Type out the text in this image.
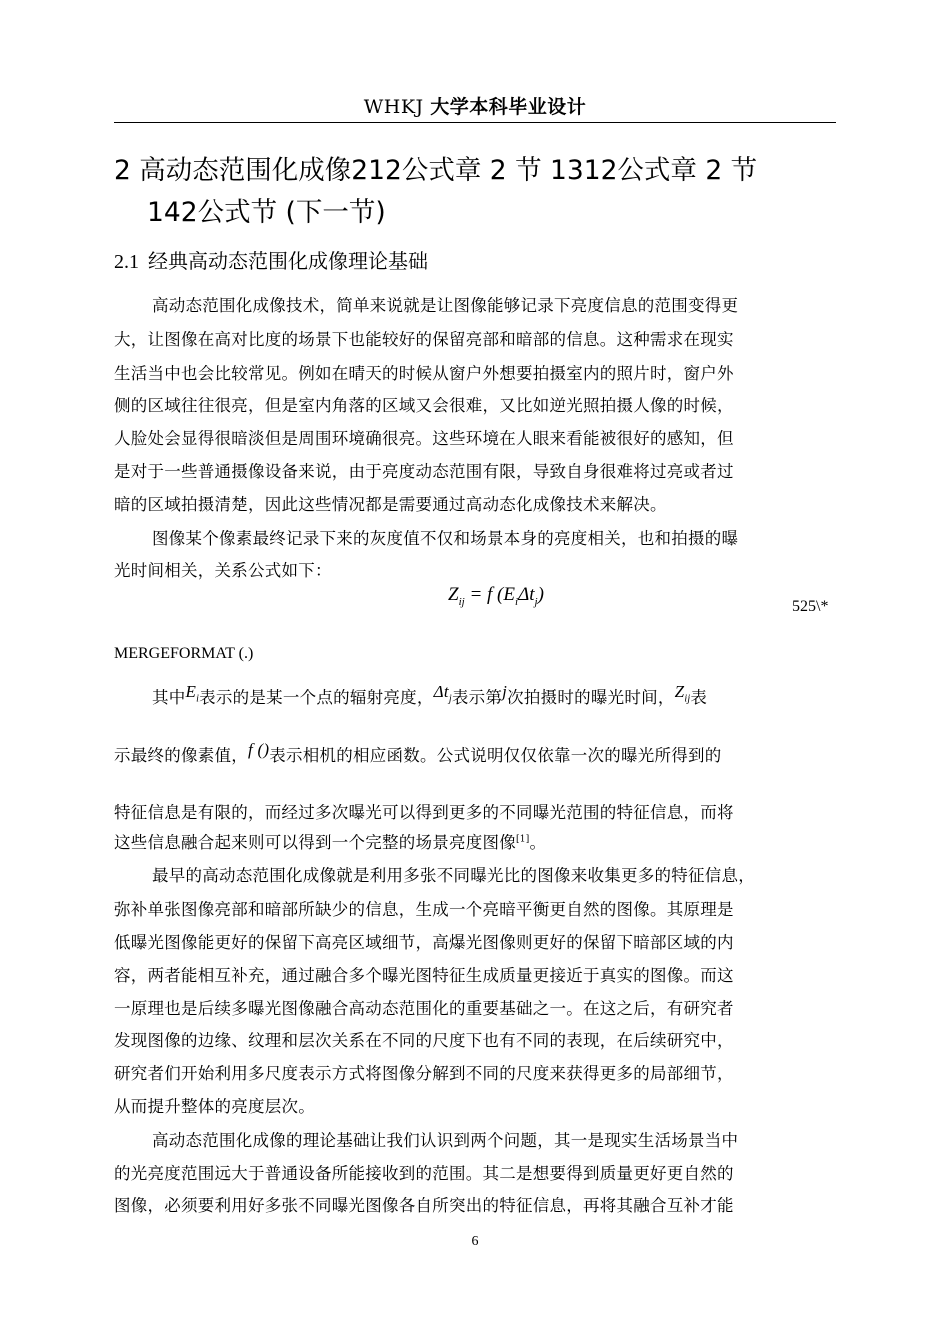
WHKJ 大学本科毕业设计
2 高动态范围化成像212公式章 2 节 1312公式章 2 节
142公式节 (下一节)
2.1 经典高动态范围化成像理论基础
高动态范围化成像技术，简单来说就是让图像能够记录下亮度信息的范围变得更
大，让图像在高对比度的场景下也能较好的保留亮部和暗部的信息。这种需求在现实
生活当中也会比较常见。例如在晴天的时候从窗户外想要拍摄室内的照片时，窗户外
侧的区域往往很亮，但是室内角落的区域又会很难，又比如逆光照拍摄人像的时候，
人脸处会显得很暗淡但是周围环境确很亮。这些环境在人眼来看能被很好的感知，但
是对于一些普通摄像设备来说，由于亮度动态范围有限，导致自身很难将过亮或者过
暗的区域拍摄清楚，因此这些情况都是需要通过高动态化成像技术来解决。
图像某个像素最终记录下来的灰度值不仅和场景本身的亮度相关，也和拍摄的曝
光时间相关，关系公式如下：
$Z_{ij} = f$ $(E_i\Delta t_j)$
525\*
MERGEFORMAT (.)
其中$E_i$表示的是某一个点的辐射亮度，$\Delta t_j$表示第j次拍摄时的曝光时间，$Z_{ij}$表
示最终的像素值，f ()表示相机的相应函数。公式说明仅仅依靠一次的曝光所得到的
特征信息是有限的，而经过多次曝光可以得到更多的不同曝光范围的特征信息，而将
这些信息融合起来则可以得到一个完整的场景亮度图像[1]。
最早的高动态范围化成像就是利用多张不同曝光比的图像来收集更多的特征信息，
弥补单张图像亮部和暗部所缺少的信息，生成一个亮暗平衡更自然的图像。其原理是
低曝光图像能更好的保留下高亮区域细节，高爆光图像则更好的保留下暗部区域的内
容，两者能相互补充，通过融合多个曝光图特征生成质量更接近于真实的图像。而这
一原理也是后续多曝光图像融合高动态范围化的重要基础之一。在这之后，有研究者
发现图像的边缘、纹理和层次关系在不同的尺度下也有不同的表现，在后续研究中，
研究者们开始利用多尺度表示方式将图像分解到不同的尺度来获得更多的局部细节，
从而提升整体的亮度层次。
高动态范围化成像的理论基础让我们认识到两个问题，其一是现实生活场景当中
的光亮度范围远大于普通设备所能接收到的范围。其二是想要得到质量更好更自然的
图像，必须要利用好多张不同曝光图像各自所突出的特征信息，再将其融合互补才能
6
